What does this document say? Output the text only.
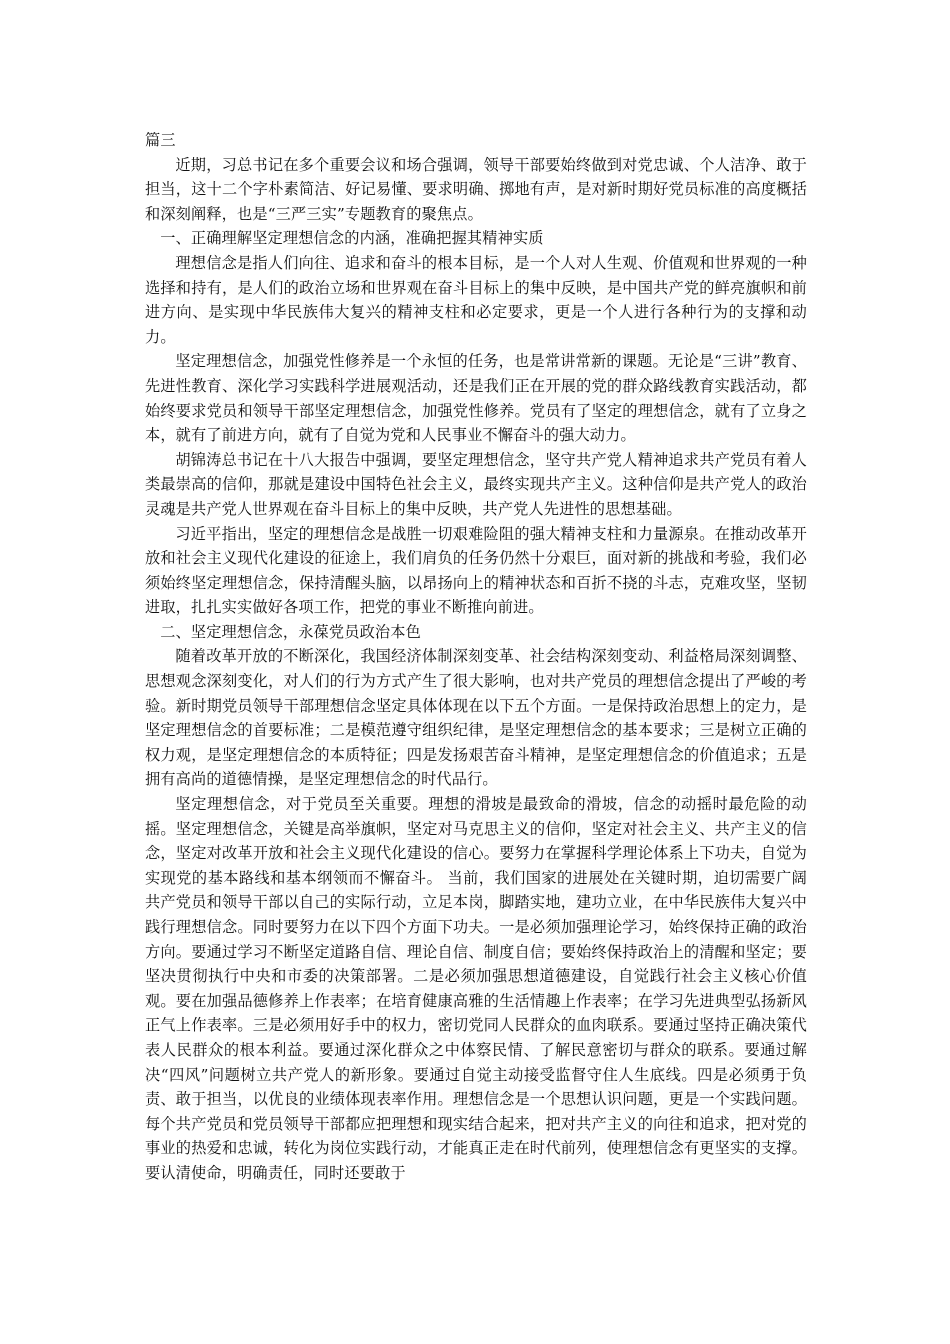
篇三

近期，习总书记在多个重要会议和场合强调，领导干部要始终做到对党忠诚、个人洁净、敢于担当，这十二个字朴素简洁、好记易懂、要求明确、掷地有声，是对新时期好党员标准的高度概括和深刻阐释，也是“三严三实”专题教育的聚焦点。

一、正确理解坚定理想信念的内涵，准确把握其精神实质

理想信念是指人们向往、追求和奋斗的根本目标，是一个人对人生观、价值观和世界观的一种选择和持有，是人们的政治立场和世界观在奋斗目标上的集中反映，是中国共产党的鲜亮旗帜和前进方向、是实现中华民族伟大复兴的精神支柱和必定要求，更是一个人进行各种行为的支撑和动力。

坚定理想信念，加强党性修养是一个永恒的任务，也是常讲常新的课题。无论是“三讲”教育、先进性教育、深化学习实践科学进展观活动，还是我们正在开展的党的群众路线教育实践活动，都始终要求党员和领导干部坚定理想信念，加强党性修养。党员有了坚定的理想信念，就有了立身之本，就有了前进方向，就有了自觉为党和人民事业不懈奋斗的强大动力。

胡锦涛总书记在十八大报告中强调，要坚定理想信念，坚守共产党人精神追求共产党员有着人类最崇高的信仰，那就是建设中国特色社会主义，最终实现共产主义。这种信仰是共产党人的政治灵魂是共产党人世界观在奋斗目标上的集中反映，共产党人先进性的思想基础。

习近平指出，坚定的理想信念是战胜一切艰难险阻的强大精神支柱和力量源泉。在推动改革开放和社会主义现代化建设的征途上，我们肩负的任务仍然十分艰巨，面对新的挑战和考验，我们必须始终坚定理想信念，保持清醒头脑，以昂扬向上的精神状态和百折不挠的斗志，克难攻坚，坚韧进取，扎扎实实做好各项工作，把党的事业不断推向前进。

二、坚定理想信念，永葆党员政治本色

随着改革开放的不断深化，我国经济体制深刻变革、社会结构深刻变动、利益格局深刻调整、思想观念深刻变化，对人们的行为方式产生了很大影响，也对共产党员的理想信念提出了严峻的考验。新时期党员领导干部理想信念坚定具体体现在以下五个方面。一是保持政治思想上的定力，是坚定理想信念的首要标准；二是模范遵守组织纪律，是坚定理想信念的基本要求；三是树立正确的权力观，是坚定理想信念的本质特征；四是发扬艰苦奋斗精神，是坚定理想信念的价值追求；五是拥有高尚的道德情操，是坚定理想信念的时代品行。

坚定理想信念，对于党员至关重要。理想的滑坡是最致命的滑坡，信念的动摇时最危险的动摇。坚定理想信念，关键是高举旗帜，坚定对马克思主义的信仰，坚定对社会主义、共产主义的信念，坚定对改革开放和社会主义现代化建设的信心。要努力在掌握科学理论体系上下功夫，自觉为实现党的基本路线和基本纲领而不懈奋斗。 当前，我们国家的进展处在关键时期，迫切需要广阔共产党员和领导干部以自己的实际行动，立足本岗，脚踏实地，建功立业，在中华民族伟大复兴中践行理想信念。同时要努力在以下四个方面下功夫。一是必须加强理论学习，始终保持正确的政治方向。要通过学习不断坚定道路自信、理论自信、制度自信；要始终保持政治上的清醒和坚定；要坚决贯彻执行中央和市委的决策部署。二是必须加强思想道德建设，自觉践行社会主义核心价值观。要在加强品德修养上作表率；在培育健康高雅的生活情趣上作表率；在学习先进典型弘扬新风正气上作表率。三是必须用好手中的权力，密切党同人民群众的血肉联系。要通过坚持正确决策代表人民群众的根本利益。要通过深化群众之中体察民情、了解民意密切与群众的联系。要通过解决“四风”问题树立共产党人的新形象。要通过自觉主动接受监督守住人生底线。四是必须勇于负责、敢于担当，以优良的业绩体现表率作用。理想信念是一个思想认识问题，更是一个实践问题。每个共产党员和党员领导干部都应把理想和现实结合起来，把对共产主义的向往和追求，把对党的事业的热爱和忠诚，转化为岗位实践行动，才能真正走在时代前列，使理想信念有更坚实的支撑。要认清使命，明确责任，同时还要敢于
